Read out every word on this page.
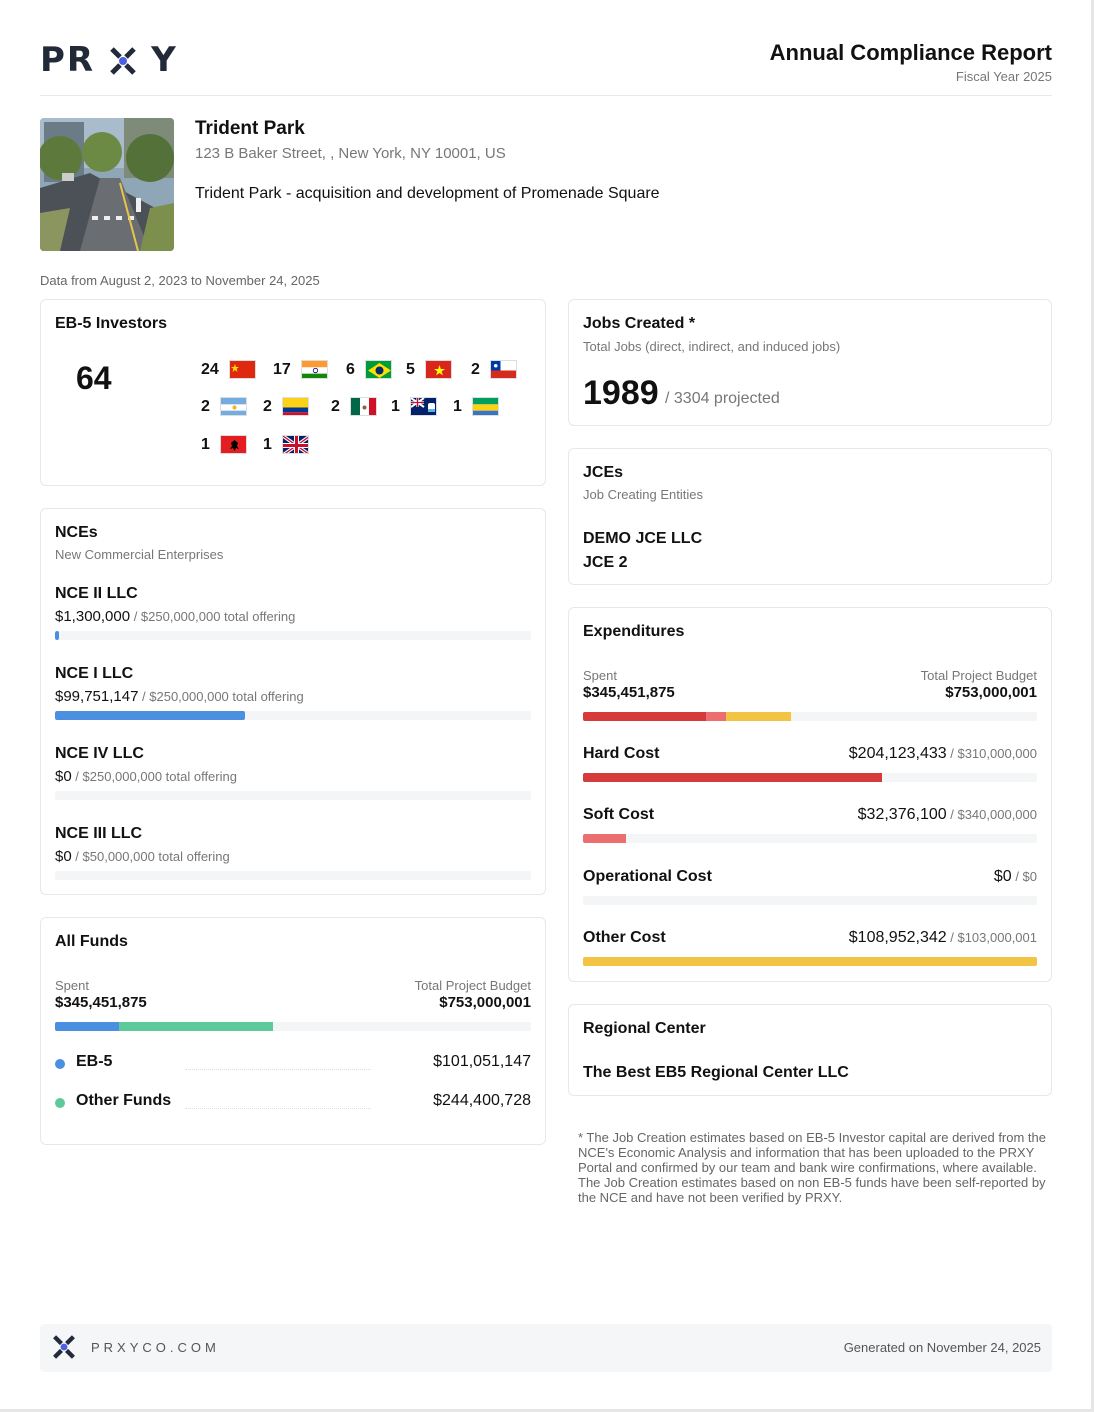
PR Y	Annual Compliance Report
Fiscal Year 2025
Trident Park
123 B Baker Street, , New York, NY 10001, US
Trident Park - acquisition and development of Promenade Square
Data from August 2, 2023 to November 24, 2025
EB-5 Investors
64	24	17	6	5	2
2	2	2	1	1
1	1
NCEs
New Commercial Enterprises
NCE II LLC
$1,300,000 / $250,000,000 total offering
NCE I LLC
$99,751,147 / $250,000,000 total offering
NCE IV LLC
$0 / $250,000,000 total offering
NCE III LLC
$0 / $50,000,000 total offering
All Funds
Spent
$345,451,875
Total Project Budget
$753,000,001
EB-5	$101,051,147
Other Funds	$244,400,728
Jobs Created *
Total Jobs (direct, indirect, and induced jobs)
1989 / 3304 projected
JCEs
Job Creating Entities
DEMO JCE LLC
JCE 2
Expenditures
Spent
$345,451,875
Total Project Budget
$753,000,001
Hard Cost	$204,123,433 / $310,000,000
Soft Cost	$32,376,100 / $340,000,000
Operational Cost	$0 / $0
Other Cost	$108,952,342 / $103,000,001
Regional Center
The Best EB5 Regional Center LLC
* The Job Creation estimates based on EB-5 Investor capital are derived from the NCE's Economic Analysis and information that has been uploaded to the PRXY Portal and confirmed by our team and bank wire confirmations, where available. The Job Creation estimates based on non EB-5 funds have been self-reported by the NCE and have not been verified by PRXY.
PRXYCO.COM	Generated on November 24, 2025
